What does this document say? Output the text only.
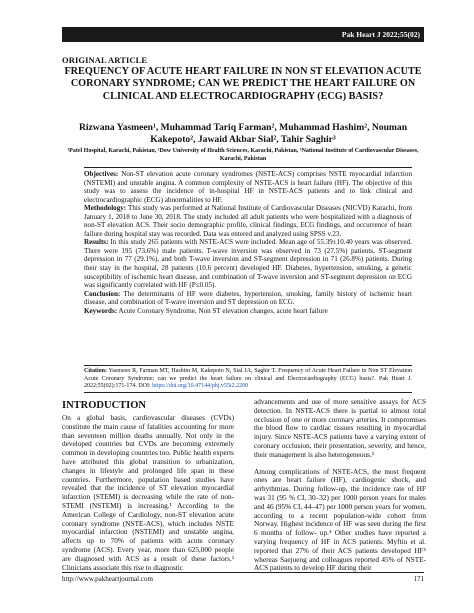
Pak Heart J 2022;55(02)
ORIGINAL ARTICLE
FREQUENCY OF ACUTE HEART FAILURE IN NON ST ELEVATION ACUTE CORONARY SYNDROME; CAN WE PREDICT THE HEART FAILURE ON CLINICAL AND ELECTROCARDIOGRAPHY (ECG) BASIS?
Rizwana Yasmeen¹, Muhammad Tariq Farman², Muhammad Hashim², Nouman Kakepoto², Jawaid Akbar Sial², Tahir Saghir³
¹Patel Hospital, Karachi, Pakistan, ²Dow University of Health Sciences, Karachi, Pakistan, ³National Institute of Cardiovascular Diseases, Karachi, Pakistan

Objectives: Non-ST elevation acute coronary syndromes (NSTE-ACS) comprises NSTE myocardial infarction (NSTEMI) and unstable angina. A common complexity of NSTE-ACS is heart failure (HF). The objective of this study was to assess the incidence of in-hospital HF in NSTE-ACS patients and to link clinical and electrocardiographic (ECG) abnormalities to HF.

Methodology: This study was performed at National Institute of Cardiovascular Diseases (NICVD) Karachi, from January 1, 2018 to June 30, 2018. The study included all adult patients who were hospitalized with a diagnosis of non-ST elevation ACS. Their socio demographic profile, clinical findings, ECG findings, and occurrence of heart failure during hospital stay was recorded. Data was entered and analyzed using SPSS v.23.

Results: In this study 265 patients with NSTE-ACS were included. Mean age of 55.39±10.40 years was observed. There were 195 (73.6%) male patients. T-wave inversion was observed in 73 (27.5%) patients, ST-segment depression in 77 (29.1%), and both T-wave inversion and ST-segment depression in 71 (26.8%) patients. During their stay in the hospital, 28 patients (10.6 percent) developed HF. Diabetes, hypertension, smoking, a genetic susceptibility of ischemic heart disease, and combination of T-wave inversion and ST-segment depression on ECG was significantly correlated with HF (P≤0.05).

Conclusion: The determinants of HF were diabetes, hypertension, smoking, family history of ischemic heart disease, and combination of T-wave inversion and ST depression on ECG.

Keywords: Acute Coronary Syndrome, Non ST elevation changes, acute heart failure

Citation: Yasmeen R, Farman MT, Hashim M, Kakepoto N, Sial JA, Saghir T. Frequency of Acute Heart Failure in Non ST Elevation Acute Coronary Syndrome; can we predict the heart failure on clinical and Electrocardiography (ECG) basis?. Pak Heart J. 2022;55(02):171-174. DOI: https://doi.org/10.47144/phj.v55i2.2200
INTRODUCTION

On a global basis, cardiovascular diseases (CVDs) constitute the main cause of fatalities accounting for more than seventeen million deaths annually. Not only in the developed countries but CVDs are becoming extremely common in developing countries too. Public health experts have attributed this global transition to urbanization, changes in lifestyle and prolonged life span in these countries. Furthermore, population based studies have revealed that the incidence of ST elevation myocardial infarction (STEMI) is decreasing while the rate of non-STEMI (NSTEMI) is increasing.¹ According to the American College of Cardiology, non-ST elevation acute coronary syndrome (NSTE-ACS), which includes NSTE myocardial infarction (NSTEMI) and unstable angina, affects up to 70% of patients with acute coronary syndrome (ACS). Every year, more than 625,000 people are diagnosed with ACS as a result of these factors.² Clinicians associate this rise to diagnostic

advancements and use of more sensitive assays for ACS detection. In NSTE-ACS there is partial to almost total occlusion of one or more coronary arteries. It compromises the blood flow to cardiac tissues resulting in myocardial injury. Since NSTE-ACS patients have a varying extent of coronary occlusion, their presentation, severity, and hence, their management is also heterogeneous.³

Among complications of NSTE-ACS, the most frequent ones are heart failure (HF), cardiogenic shock, and arrhythmias. During follow-up, the incidence rate of HF was 31 (95 % CI, 30–32) per 1000 person years for males and 46 (95% CI, 44–47) per 1000 person years for women, according to a recent population-wide cohort from Norway. Highest incidence of HF was seen during the first 6 months of follow- up.⁴ Other studies have reported a varying frequency of HF in ACS patients. Myftiu et al. reported that 27% of their ACS patients developed HF⁵ whereas Saejueng and colleagues reported 45% of NSTE-ACS patients to develop HF during their

http://www.pakheartjournal.com	171
